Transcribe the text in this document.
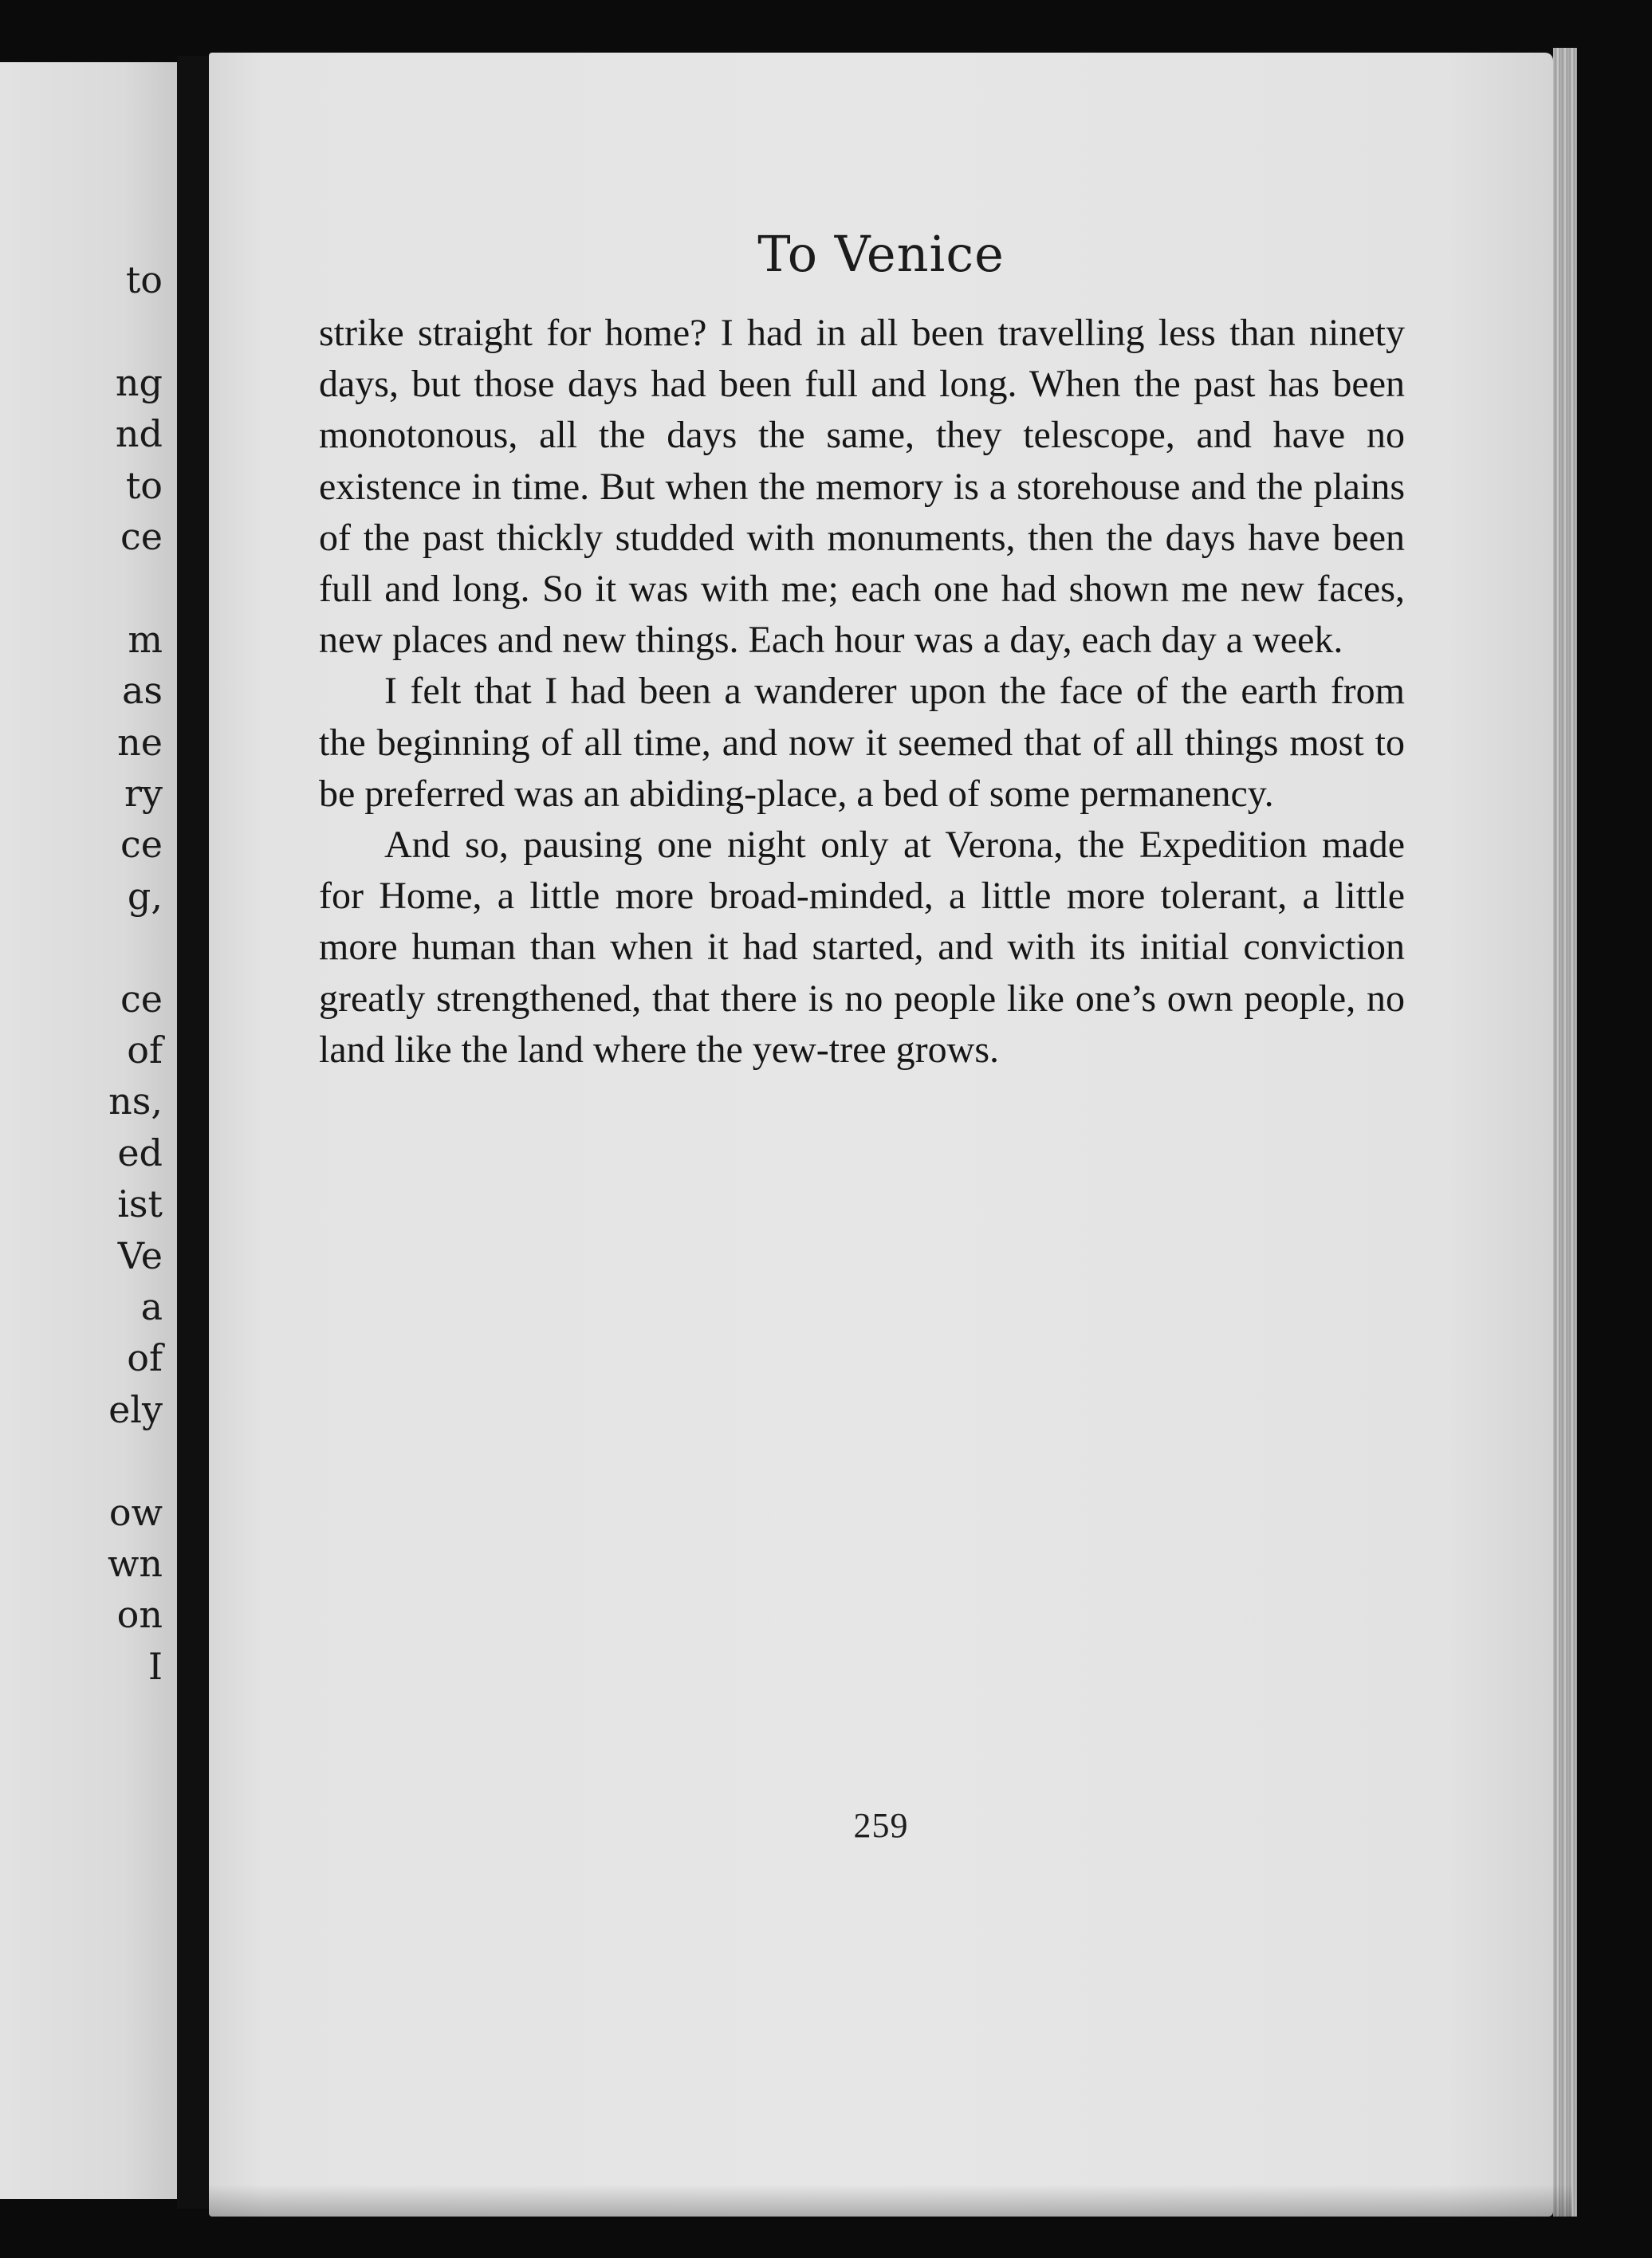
to
ng
nd
to
ce
m
as
ne
ry
ce
g,
ce
of
ns,
ed
ist
Ve
a
of
ely
ow
wn
on
I
To Venice

strike straight for home? I had in all been travelling less than ninety days, but those days had been full and long. When the past has been monotonous, all the days the same, they telescope, and have no existence in time. But when the memory is a storehouse and the plains of the past thickly studded with monuments, then the days have been full and long. So it was with me; each one had shown me new faces, new places and new things. Each hour was a day, each day a week.

I felt that I had been a wanderer upon the face of the earth from the beginning of all time, and now it seemed that of all things most to be preferred was an abiding-place, a bed of some permanency.

And so, pausing one night only at Verona, the Expedition made for Home, a little more broad-minded, a little more tolerant, a little more human than when it had started, and with its initial conviction greatly strengthened, that there is no people like one’s own people, no land like the land where the yew-tree grows.

259
